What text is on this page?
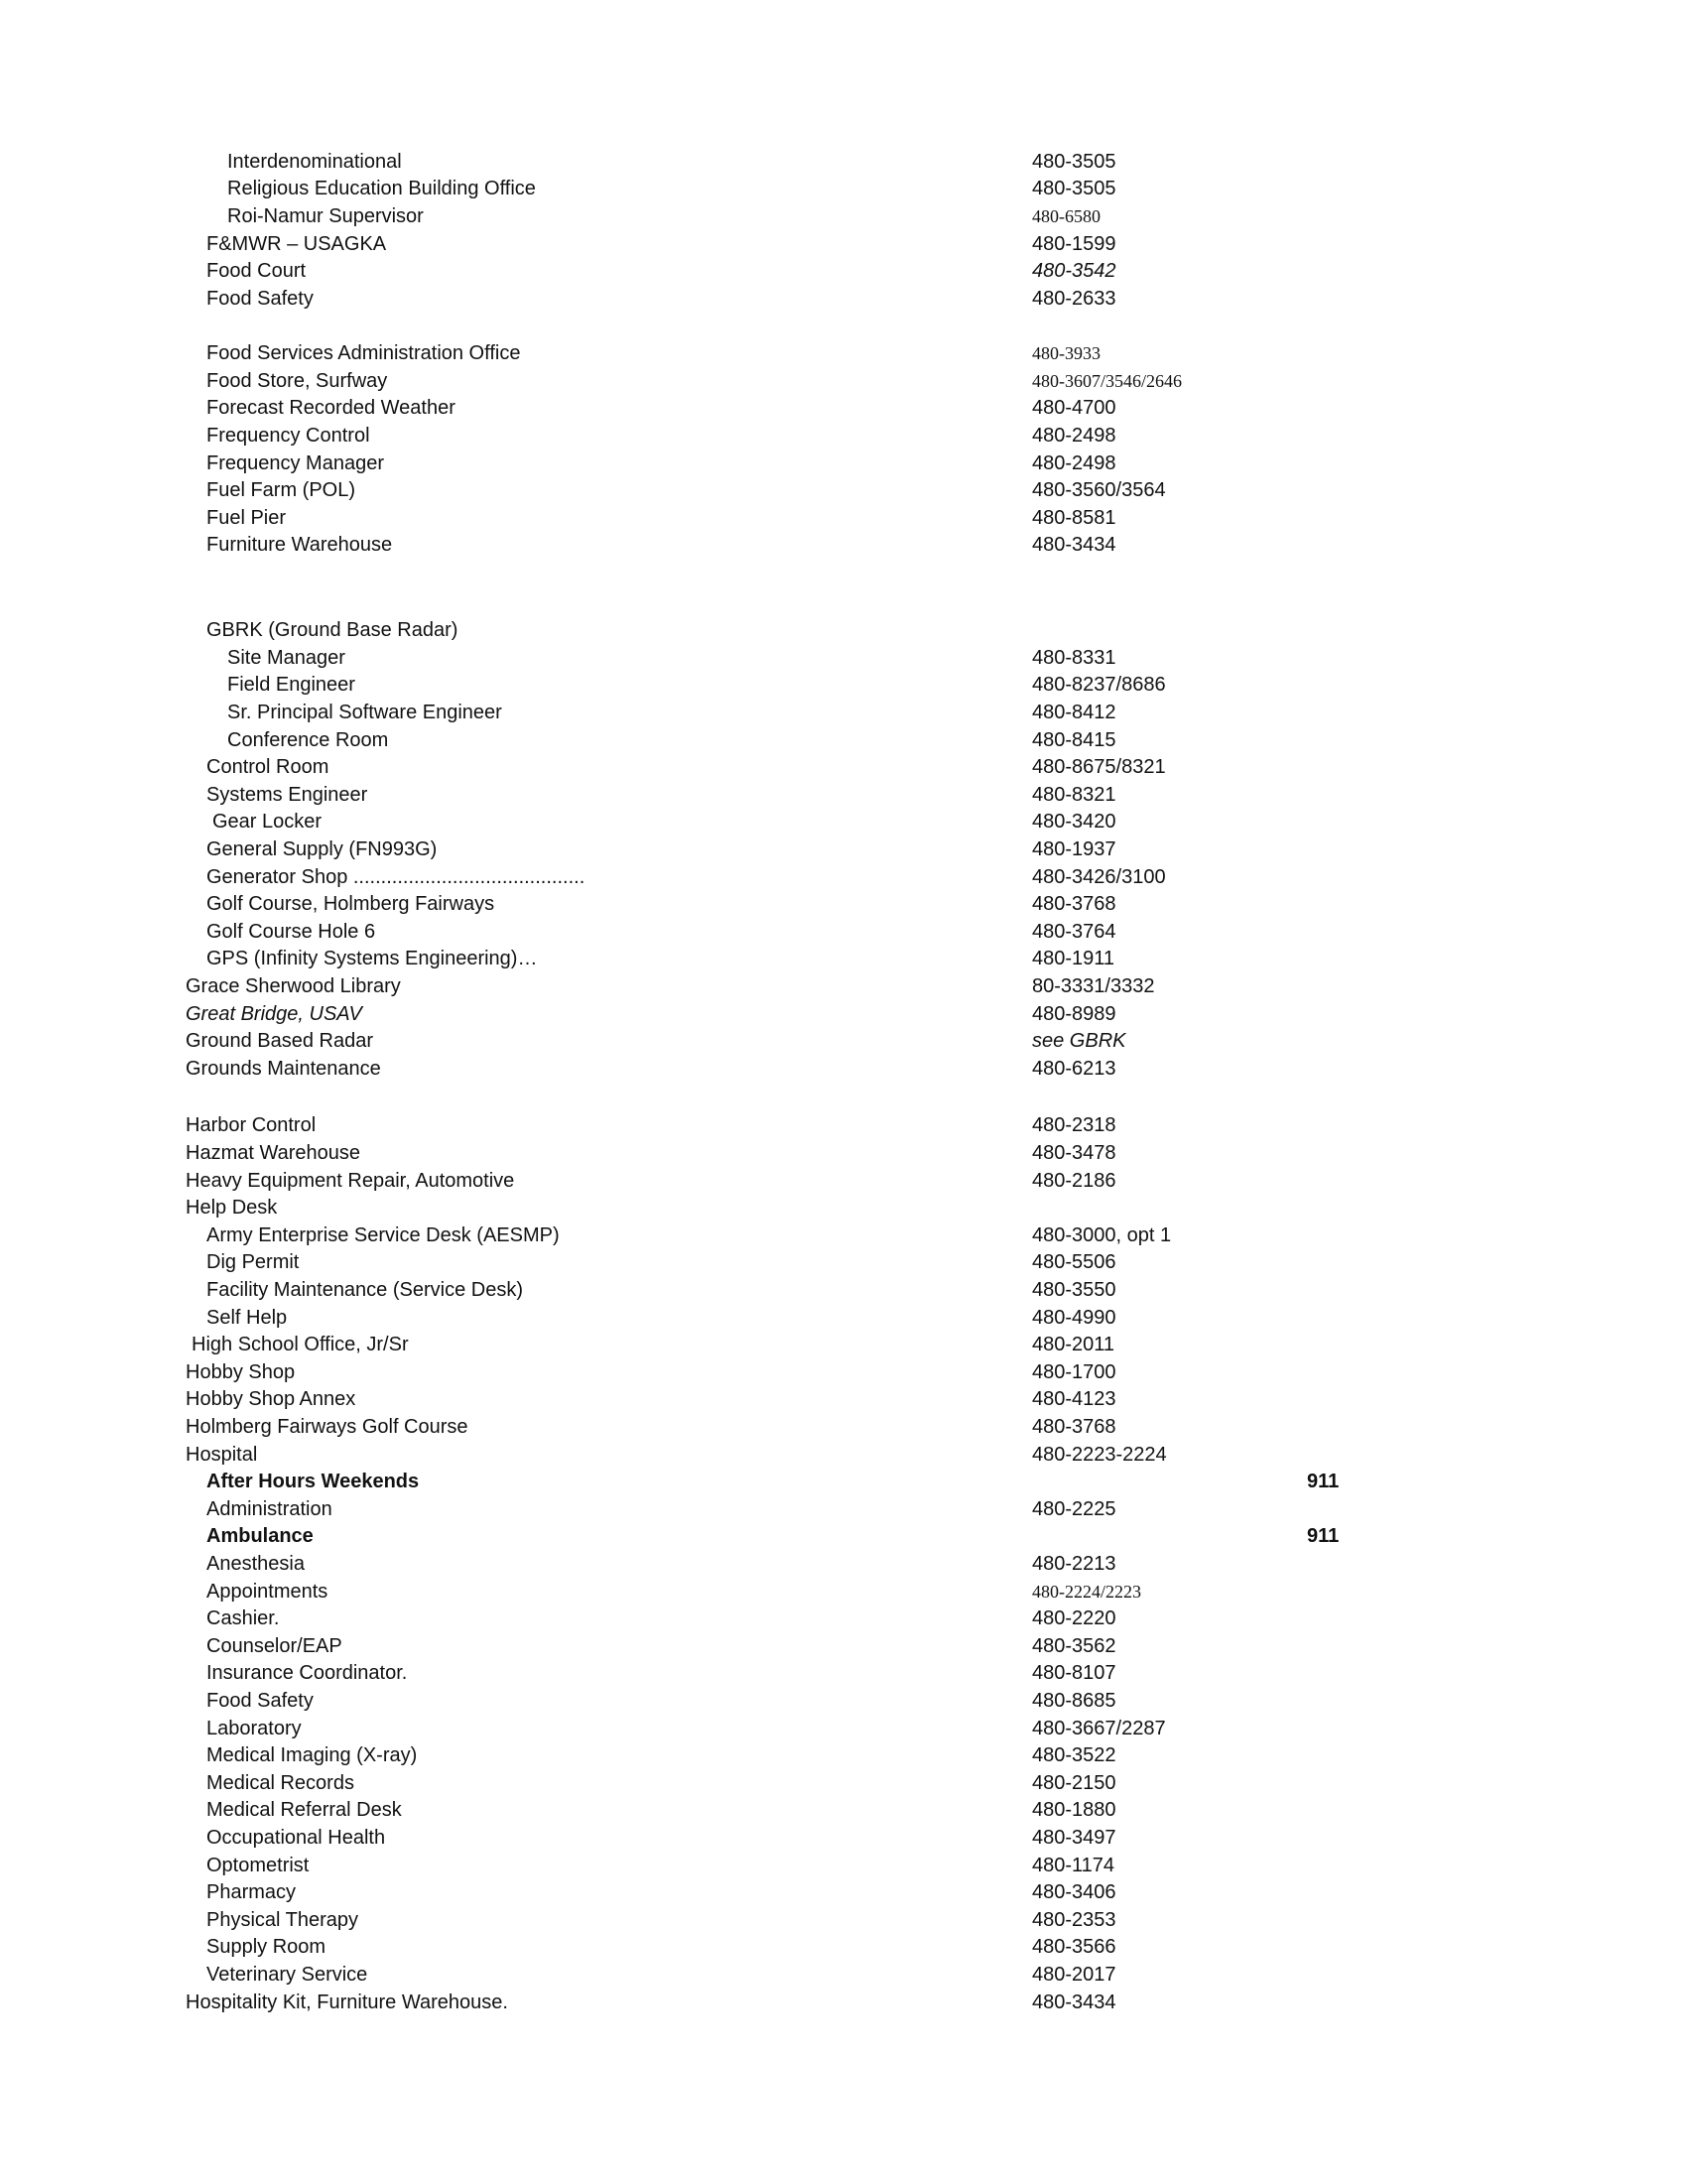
Interdenominational	480-3505
Religious Education Building Office	480-3505
Roi-Namur Supervisor	480-6580
F&MWR – USAGKA	480-1599
Food Court	480-3542
Food Safety	480-2633
Food Services Administration Office	480-3933
Food Store, Surfway	480-3607/3546/2646
Forecast Recorded Weather	480-4700
Frequency Control	480-2498
Frequency Manager	480-2498
Fuel Farm (POL)	480-3560/3564
Fuel Pier	480-8581
Furniture Warehouse	480-3434
GBRK (Ground Base Radar)
Site Manager	480-8331
Field Engineer	480-8237/8686
Sr. Principal Software Engineer	480-8412
Conference Room	480-8415
Control Room	480-8675/8321
Systems Engineer	480-8321
Gear Locker	480-3420
General Supply (FN993G)	480-1937
Generator Shop ..........................................	480-3426/3100
Golf Course, Holmberg Fairways	480-3768
Golf Course Hole 6	480-3764
GPS (Infinity Systems Engineering)…	480-1911
Grace Sherwood Library	80-3331/3332
Great Bridge, USAV	480-8989
Ground Based Radar	see GBRK
Grounds Maintenance	480-6213
Harbor Control	480-2318
Hazmat Warehouse	480-3478
Heavy Equipment Repair, Automotive	480-2186
Help Desk
Army Enterprise Service Desk (AESMP)	480-3000, opt 1
Dig Permit	480-5506
Facility Maintenance (Service Desk)	480-3550
Self Help	480-4990
High School Office, Jr/Sr	480-2011
Hobby Shop	480-1700
Hobby Shop Annex	480-4123
Holmberg Fairways Golf Course	480-3768
Hospital	480-2223-2224
After Hours Weekends	911
Administration	480-2225
Ambulance	911
Anesthesia	480-2213
Appointments	480-2224/2223
Cashier.	480-2220
Counselor/EAP	480-3562
Insurance Coordinator.	480-8107
Food Safety	480-8685
Laboratory	480-3667/2287
Medical Imaging (X-ray)	480-3522
Medical Records	480-2150
Medical Referral Desk	480-1880
Occupational Health	480-3497
Optometrist	480-1174
Pharmacy	480-3406
Physical Therapy	480-2353
Supply Room	480-3566
Veterinary Service	480-2017
Hospitality Kit, Furniture Warehouse.	480-3434
